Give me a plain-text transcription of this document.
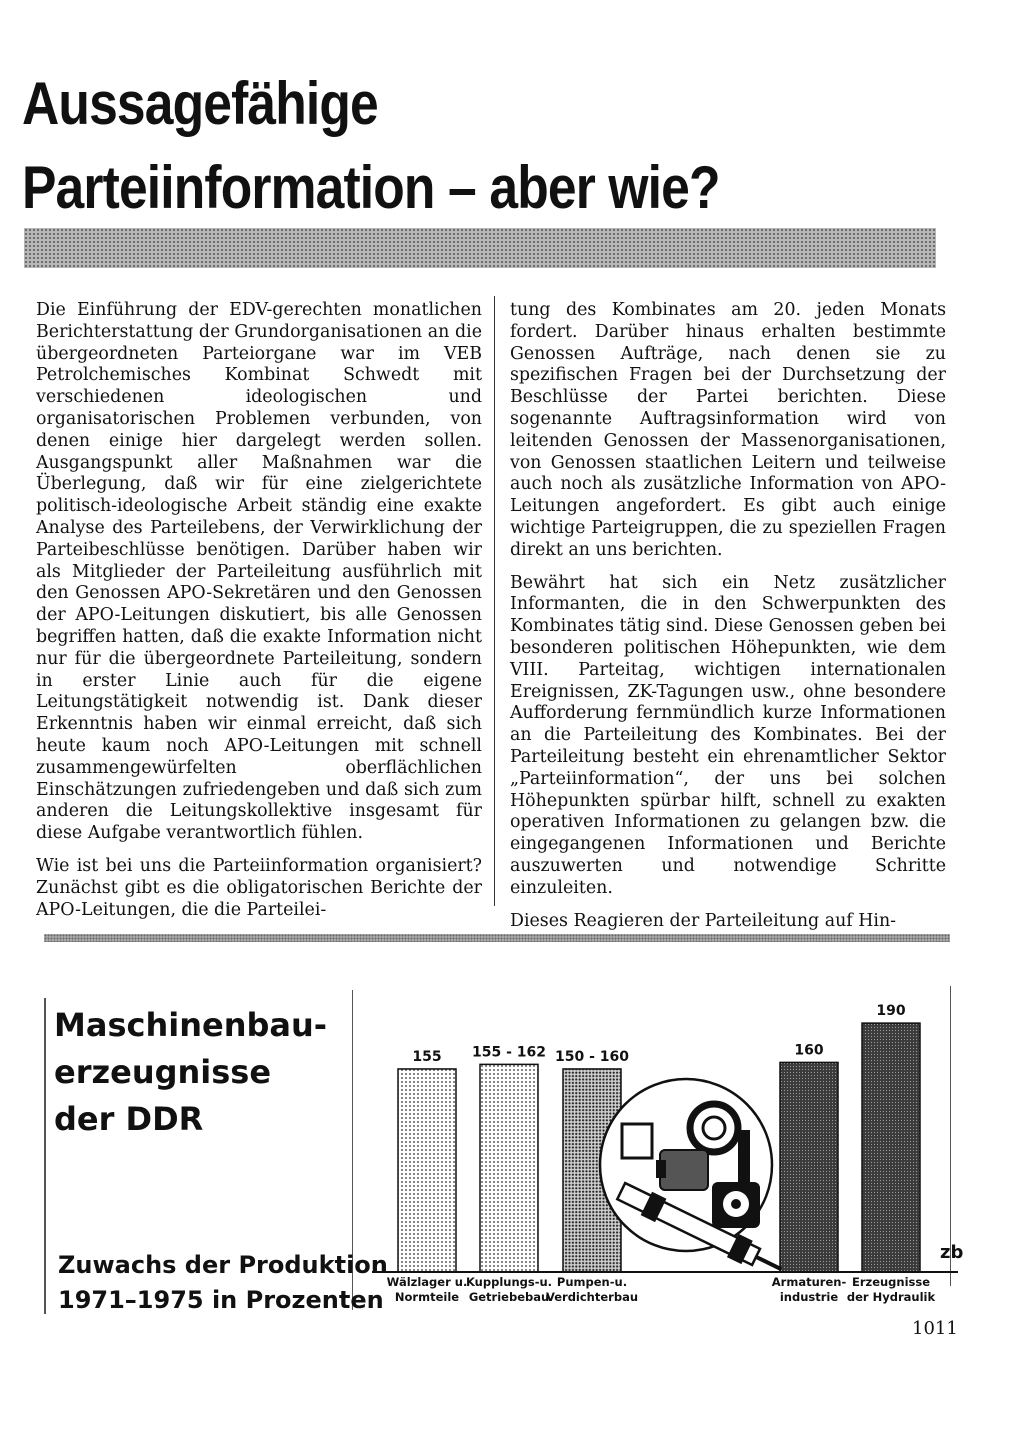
Aussagefähige
Parteiinformation – aber wie?

Die Einführung der EDV-gerechten monatlichen Berichterstattung der Grundorganisationen an die übergeordneten Parteiorgane war im VEB Petrolchemisches Kombinat Schwedt mit verschiedenen ideologischen und organisatorischen Problemen verbunden, von denen einige hier dargelegt werden sollen. Ausgangspunkt aller Maßnahmen war die Überlegung, daß wir für eine zielgerichtete politisch-ideologische Arbeit ständig eine exakte Analyse des Parteilebens, der Verwirklichung der Parteibeschlüsse benötigen. Darüber haben wir als Mitglieder der Parteileitung ausführlich mit den Genossen APO-Sekretären und den Genossen der APO-Leitungen diskutiert, bis alle Genossen begriffen hatten, daß die exakte Information nicht nur für die übergeordnete Parteileitung, sondern in erster Linie auch für die eigene Leitungstätigkeit notwendig ist. Dank dieser Erkenntnis haben wir einmal erreicht, daß sich heute kaum noch APO-Leitungen mit schnell zusammengewürfelten oberflächlichen Einschätzungen zufriedengeben und daß sich zum anderen die Leitungskollektive insgesamt für diese Aufgabe verantwortlich fühlen.

Wie ist bei uns die Parteiinformation organisiert? Zunächst gibt es die obligatorischen Berichte der APO-Leitungen, die die Parteilei-

tung des Kombinates am 20. jeden Monats fordert. Darüber hinaus erhalten bestimmte Genossen Aufträge, nach denen sie zu spezifischen Fragen bei der Durchsetzung der Beschlüsse der Partei berichten. Diese sogenannte Auftragsinformation wird von leitenden Genossen der Massenorganisationen, von Genossen staatlichen Leitern und teilweise auch noch als zusätzliche Information von APO-Leitungen angefordert. Es gibt auch einige wichtige Parteigruppen, die zu speziellen Fragen direkt an uns berichten.

Bewährt hat sich ein Netz zusätzlicher Informanten, die in den Schwerpunkten des Kombinates tätig sind. Diese Genossen geben bei besonderen politischen Höhepunkten, wie dem VIII. Parteitag, wichtigen internationalen Ereignissen, ZK-Tagungen usw., ohne besondere Aufforderung fernmündlich kurze Informationen an die Parteileitung des Kombinates. Bei der Parteileitung besteht ein ehrenamtlicher Sektor „Parteiinformation“, der uns bei solchen Höhepunkten spürbar hilft, schnell zu exakten operativen Informationen zu gelangen bzw. die eingegangenen Informationen und Berichte auszuwerten und notwendige Schritte einzuleiten.

Dieses Reagieren der Parteileitung auf Hin-

Maschinenbau-
erzeugnisse
der DDR
Zuwachs der Produktion
1971–1975 in Prozenten
155
Wälzlager u.
Normteile
155 - 162
Kupplungs-u.
Getriebebau
150 - 160
Pumpen-u.
Verdichterbau
160
Armaturen-
industrie
190
Erzeugnisse
der Hydraulik
zb
1011
